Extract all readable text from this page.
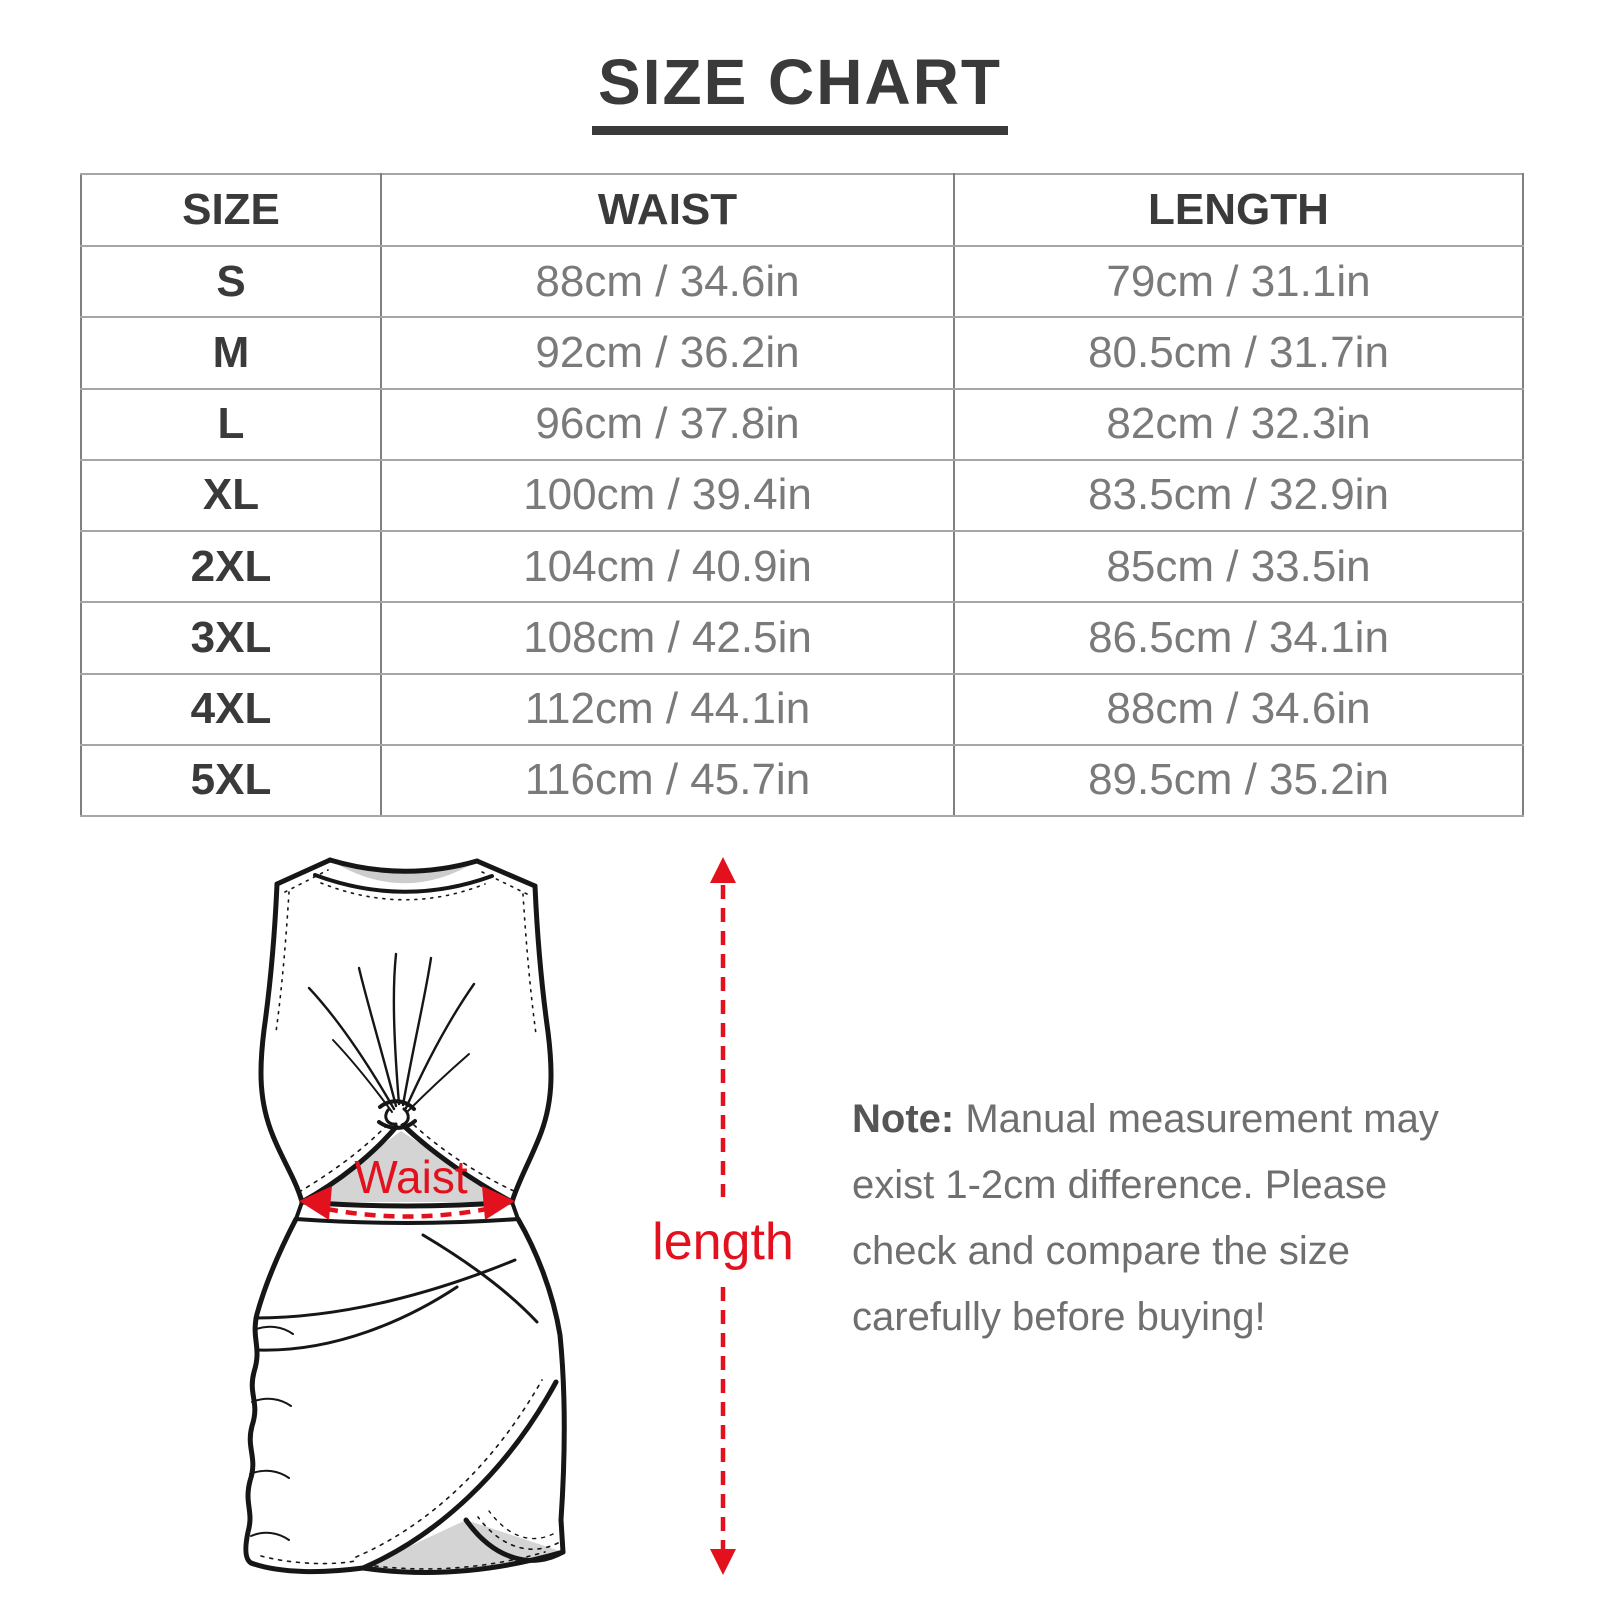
SIZE CHART
SIZE	WAIST	LENGTH
S	88cm / 34.6in	79cm / 31.1in
M	92cm / 36.2in	80.5cm / 31.7in
L	96cm / 37.8in	82cm / 32.3in
XL	100cm / 39.4in	83.5cm / 32.9in
2XL	104cm / 40.9in	85cm / 33.5in
3XL	108cm / 42.5in	86.5cm / 34.1in
4XL	112cm / 44.1in	88cm / 34.6in
5XL	116cm / 45.7in	89.5cm / 35.2in
Waist
length
Note: Manual measurement may exist 1-2cm difference. Please check and compare the size carefully before buying!
